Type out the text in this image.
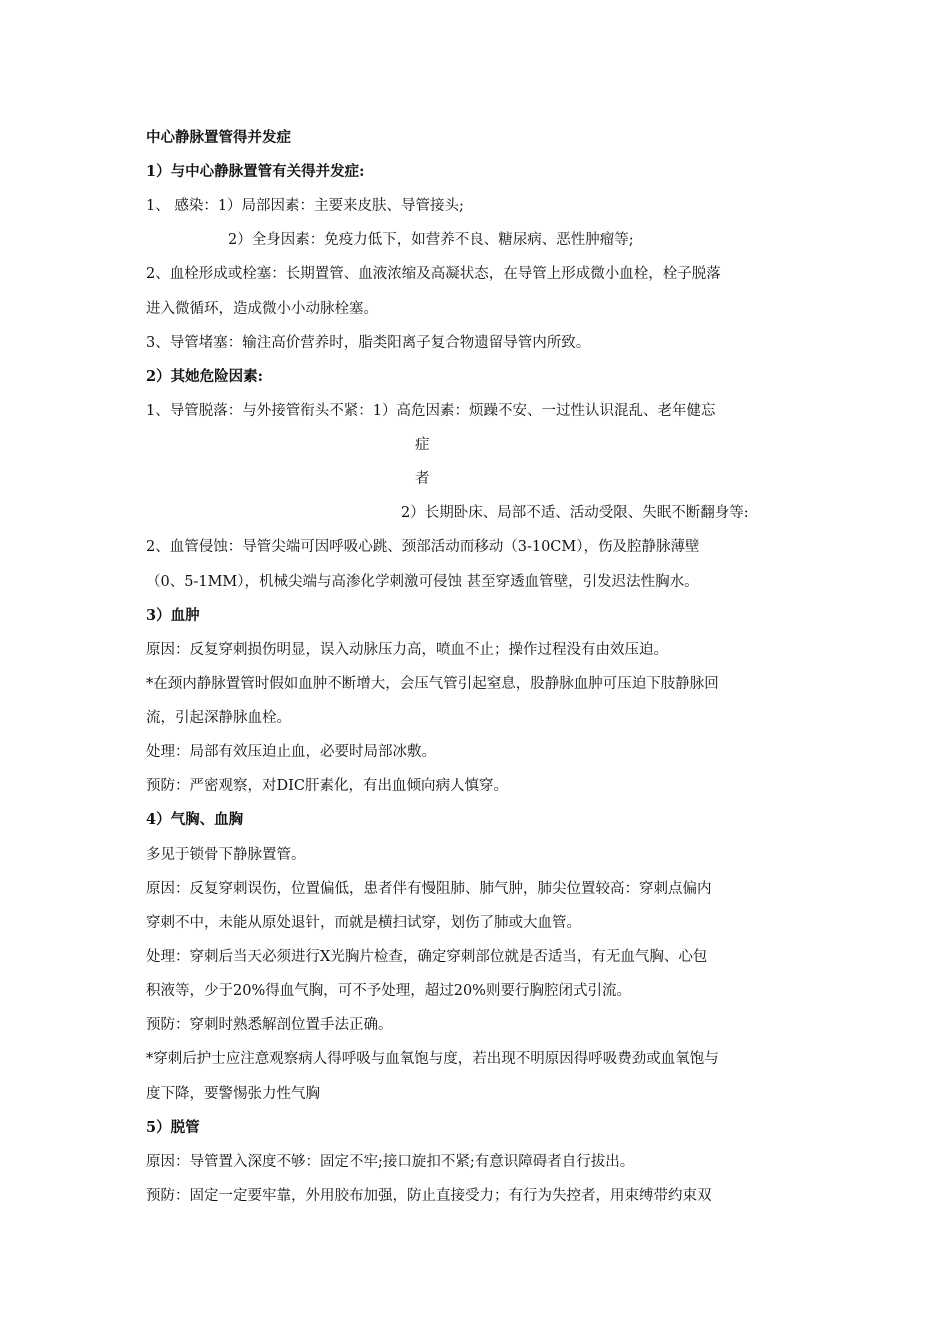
中心静脉置管得并发症
1）与中心静脉置管有关得并发症:
1、 感染：1）局部因素：主要来皮肤、导管接头;
2）全身因素：免疫力低下，如营养不良、糖尿病、恶性肿瘤等;
2、血栓形成或栓塞：长期置管、血液浓缩及高凝状态，在导管上形成微小血栓，栓子脱落
进入微循环，造成微小小动脉栓塞。
3、导管堵塞：输注高价营养时，脂类阳离子复合物遗留导管内所致。
2）其她危险因素:
1、导管脱落：与外接管衔头不紧：1）高危因素：烦躁不安、一过性认识混乱、老年健忘
症
者
2）长期卧床、局部不适、活动受限、失眠不断翻身等:
2、血管侵蚀：导管尖端可因呼吸心跳、颈部活动而移动（3-10CM），伤及腔静脉薄壁
（0、5-1MM），机械尖端与高渗化学刺激可侵蚀 甚至穿透血管壁，引发迟法性胸水。
3）血肿
原因：反复穿刺损伤明显，误入动脉压力高，喷血不止；操作过程没有由效压迫。
*在颈内静脉置管时假如血肿不断增大，会压气管引起窒息，股静脉血肿可压迫下肢静脉回
流，引起深静脉血栓。
处理：局部有效压迫止血，必要时局部冰敷。
预防：严密观察，对DIC肝素化，有出血倾向病人慎穿。
4）气胸、血胸
多见于锁骨下静脉置管。
原因：反复穿刺误伤，位置偏低，患者伴有慢阻肺、肺气肿，肺尖位置较高：穿刺点偏内
穿刺不中，未能从原处退针，而就是横扫试穿，划伤了肺或大血管。
处理：穿刺后当天必须进行X光胸片检查，确定穿刺部位就是否适当，有无血气胸、心包
积液等，少于20%得血气胸，可不予处理，超过20%则要行胸腔闭式引流。
预防：穿刺时熟悉解剖位置手法正确。
*穿刺后护士应注意观察病人得呼吸与血氧饱与度，若出现不明原因得呼吸费劲或血氧饱与
度下降，要警惕张力性气胸
5）脱管
原因：导管置入深度不够：固定不牢;接口旋扣不紧;有意识障碍者自行拔出。
预防：固定一定要牢靠，外用胶布加强，防止直接受力；有行为失控者，用束缚带约束双
